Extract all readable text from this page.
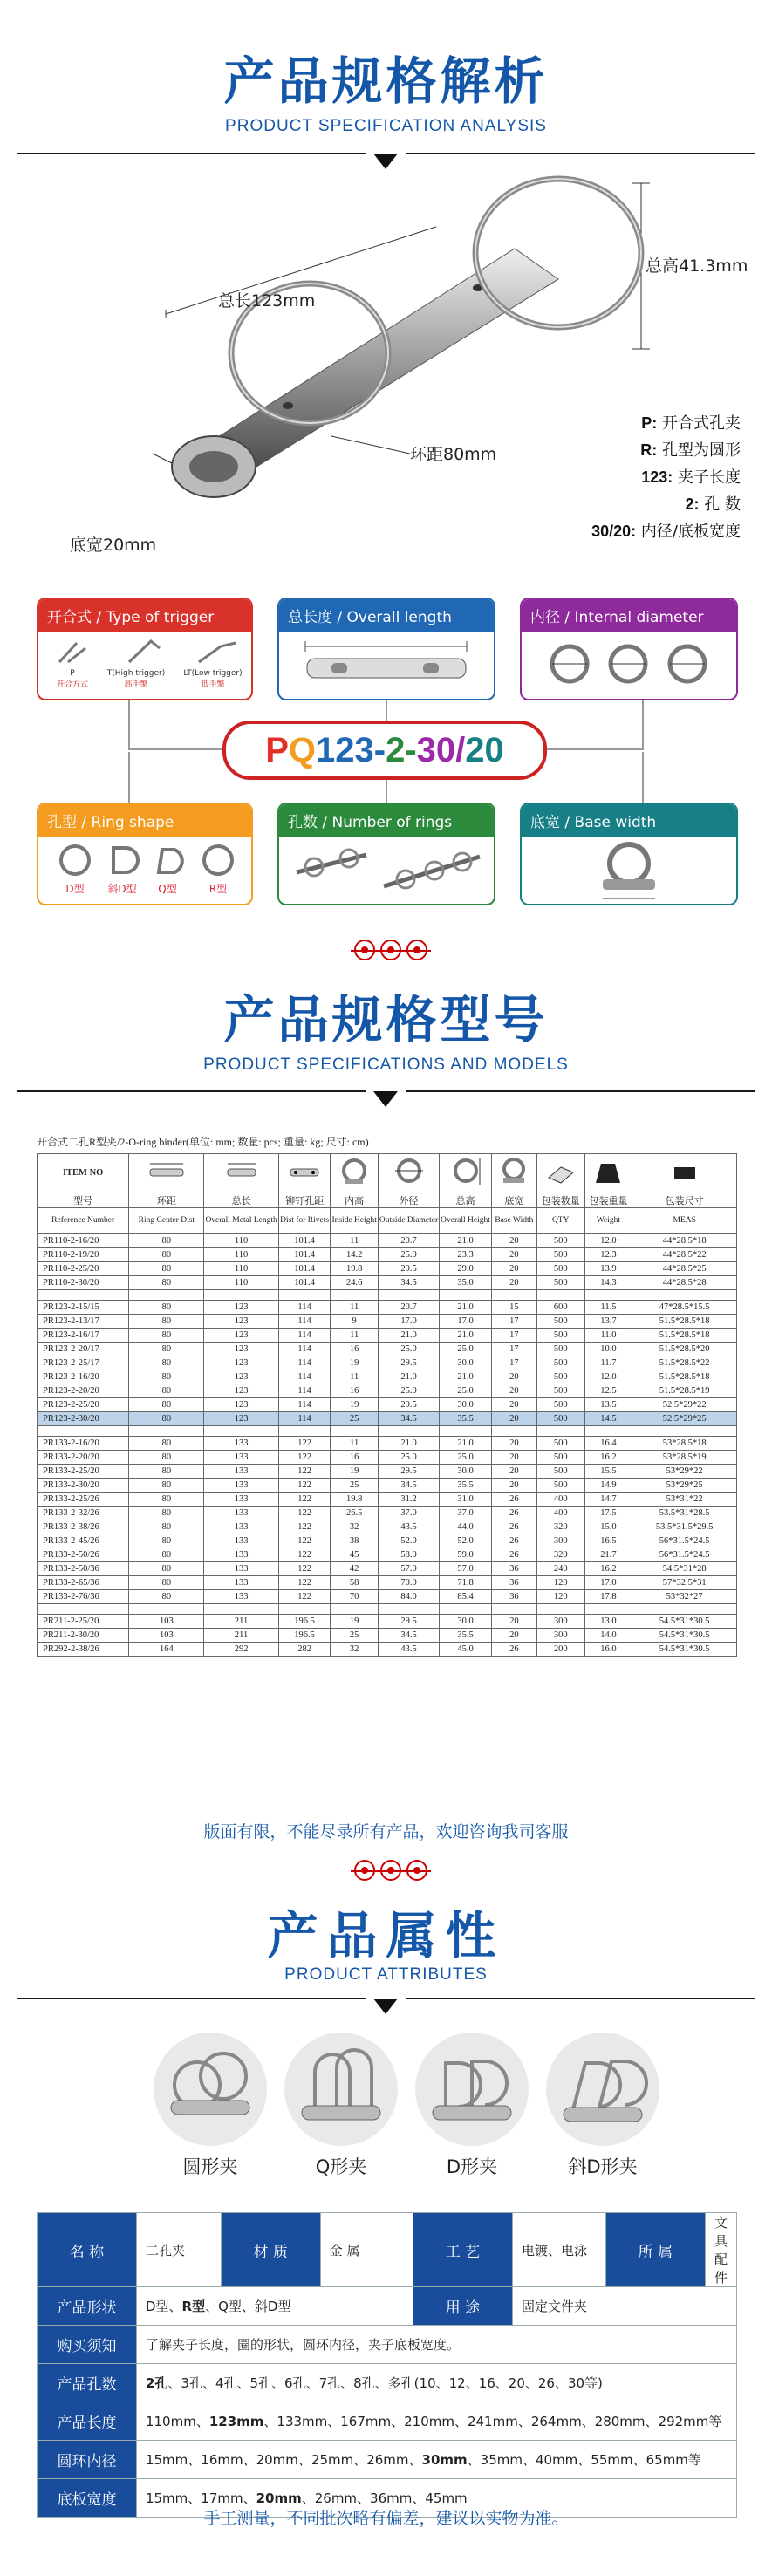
产品规格解析
PRODUCT SPECIFICATION ANALYSIS
总长123mm
总高41.3mm
环距80mm
底宽20mm
P: 开合式孔夹
R: 孔型为圆形
123: 夹子长度
2: 孔 数
30/20: 内径/底板宽度
开合式 / Type of trigger
P
开合方式
T(High trigger)
高手擎
LT(Low trigger)
低手擎
总长度 / Overall length	内径 / Internal diameter
PQ123-2-30/20
孔型 / Ring shape
D型	斜D型	Q型	R型
孔数 / Number of rings	底宽 / Base width
产品规格型号
PRODUCT SPECIFICATIONS AND MODELS
开合式二孔R型夹/2-O-ring binder(单位: mm; 数量: pcs; 重量: kg; 尺寸: cm)
ITEM NO										
型号	环距	总长	铆钉孔距	内高	外径	总高	底宽	包装数量	包装重量	包装尺寸
Reference Number	Ring Center Dist	Overall Metal Length	Dist for Rivets	Inside Height	Outside Diameter	Overall Height	Base Width	QTY	Weight	MEAS
PR110-2-16/20	80	110	101.4	11	20.7	21.0	20	500	12.0	44*28.5*18
PR110-2-19/20	80	110	101.4	14.2	25.0	23.3	20	500	12.3	44*28.5*22
PR110-2-25/20	80	110	101.4	19.8	29.5	29.0	20	500	13.9	44*28.5*25
PR110-2-30/20	80	110	101.4	24.6	34.5	35.0	20	500	14.3	44*28.5*28

PR123-2-15/15	80	123	114	11	20.7	21.0	15	600	11.5	47*28.5*15.5
PR123-2-13/17	80	123	114	9	17.0	17.0	17	500	13.7	51.5*28.5*18
PR123-2-16/17	80	123	114	11	21.0	21.0	17	500	11.0	51.5*28.5*18
PR123-2-20/17	80	123	114	16	25.0	25.0	17	500	10.0	51.5*28.5*20
PR123-2-25/17	80	123	114	19	29.5	30.0	17	500	11.7	51.5*28.5*22
PR123-2-16/20	80	123	114	11	21.0	21.0	20	500	12.0	51.5*28.5*18
PR123-2-20/20	80	123	114	16	25.0	25.0	20	500	12.5	51.5*28.5*19
PR123-2-25/20	80	123	114	19	29.5	30.0	20	500	13.5	52.5*29*22
PR123-2-30/20	80	123	114	25	34.5	35.5	20	500	14.5	52.5*29*25

PR133-2-16/20	80	133	122	11	21.0	21.0	20	500	16.4	53*28.5*18
PR133-2-20/20	80	133	122	16	25.0	25.0	20	500	16.2	53*28.5*19
PR133-2-25/20	80	133	122	19	29.5	30.0	20	500	15.5	53*29*22
PR133-2-30/20	80	133	122	25	34.5	35.5	20	500	14.9	53*29*25
PR133-2-25/26	80	133	122	19.8	31.2	31.0	26	400	14.7	53*31*22
PR133-2-32/26	80	133	122	26.5	37.0	37.0	26	400	17.5	53.5*31*28.5
PR133-2-38/26	80	133	122	32	43.5	44.0	26	320	15.0	53.5*31.5*29.5
PR133-2-45/26	80	133	122	38	52.0	52.0	26	300	16.5	56*31.5*24.5
PR133-2-50/26	80	133	122	45	58.0	59.0	26	320	21.7	56*31.5*24.5
PR133-2-50/36	80	133	122	42	57.0	57.0	36	240	16.2	54.5*31*28
PR133-2-65/36	80	133	122	58	70.0	71.8	36	120	17.0	57*32.5*31
PR133-2-76/36	80	133	122	70	84.0	85.4	36	120	17.8	53*32*27

PR211-2-25/20	103	211	196.5	19	29.5	30.0	20	300	13.0	54.5*31*30.5
PR211-2-30/20	103	211	196.5	25	34.5	35.5	20	300	14.0	54.5*31*30.5
PR292-2-38/26	164	292	282	32	43.5	45.0	26	200	16.0	54.5*31*30.5
版面有限，不能尽录所有产品，欢迎咨询我司客服
产品属性
PRODUCT ATTRIBUTES
圆形夹	Q形夹	D形夹	斜D形夹
名 称	二孔夹	材 质	金 属	工 艺	电镀、电泳	所 属	文具配件
产品形状	D型、R型、Q型、斜D型			用 途	固定文件夹		
购买须知	了解夹子长度，圈的形状，圆环内径，夹子底板宽度。						
产品孔数	2孔、3孔、4孔、5孔、6孔、7孔、8孔、多孔(10、12、16、20、26、30等)						
产品长度	110mm、123mm、133mm、167mm、210mm、241mm、264mm、280mm、292mm等						
圆环内径	15mm、16mm、20mm、25mm、26mm、30mm、35mm、40mm、55mm、65mm等						
底板宽度	15mm、17mm、20mm、26mm、36mm、45mm						
手工测量，不同批次略有偏差，建议以实物为准。
